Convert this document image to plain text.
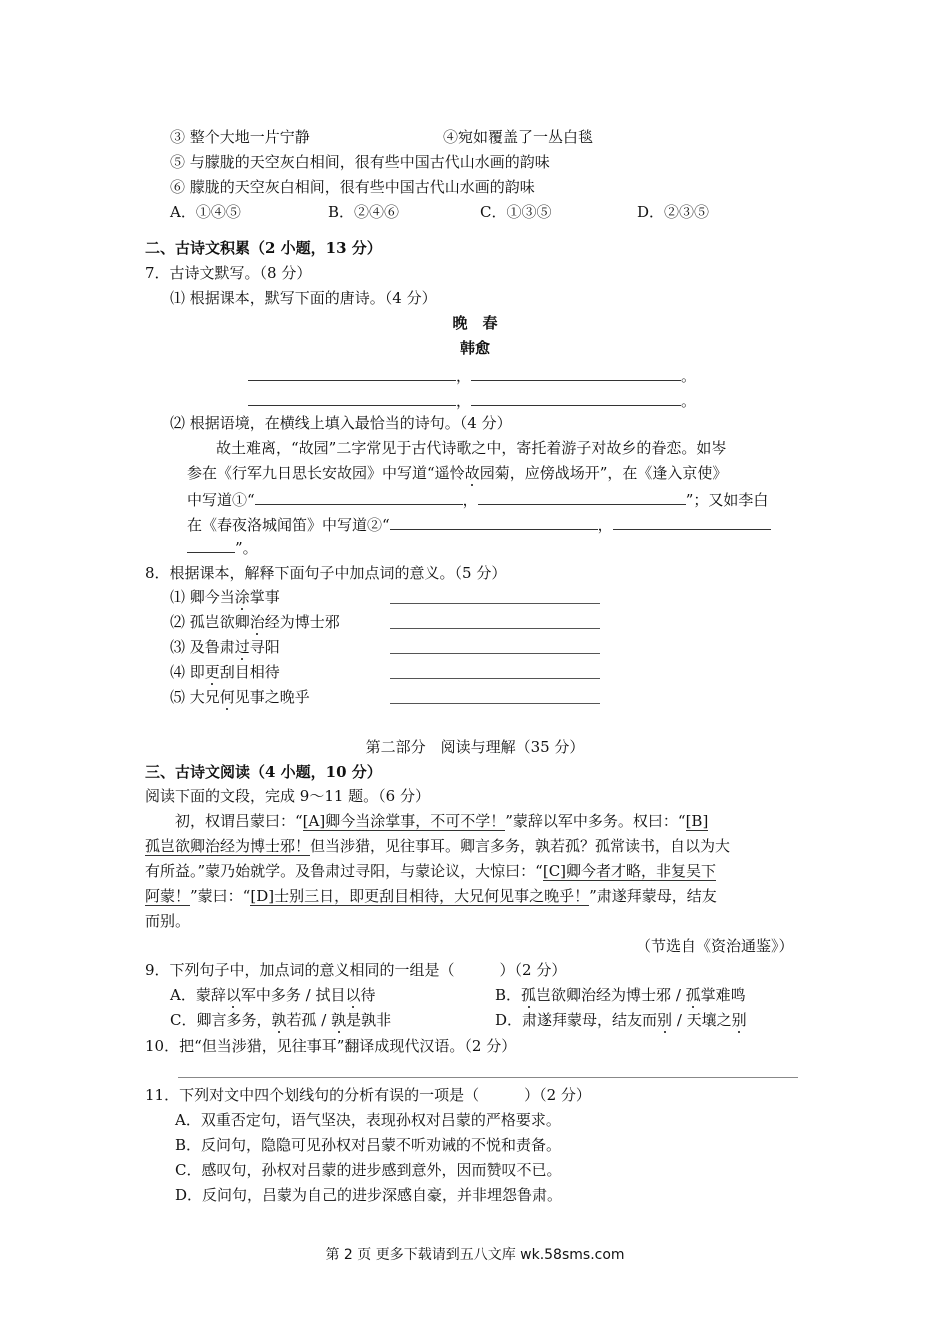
③ 整个大地一片宁静	④宛如覆盖了一丛白毯
⑤ 与朦胧的天空灰白相间，很有些中国古代山水画的韵味
⑥ 朦胧的天空灰白相间，很有些中国古代山水画的韵味
A．①④⑤	B．②④⑥	C．①③⑤	D．②③⑤
二、古诗文积累（2 小题，13 分）
7．古诗文默写。（8 分）
⑴ 根据课本，默写下面的唐诗。（4 分）
晚　春
韩愈
，	。
，	。
⑵ 根据语境，在横线上填入最恰当的诗句。（4 分）
故土难离，“故园”二字常见于古代诗歌之中，寄托着游子对故乡的眷恋。如岑
参在《行军九日思长安故园》中写道“遥怜故园菊，应傍战场开”，在《逢入京使》
中写道①“	，	”；又如李白
在《春夜洛城闻笛》中写道②“	，
”。
8．根据课本，解释下面句子中加点词的意义。（5 分）
⑴ 卿今当涂掌事
⑵ 孤岂欲卿治经为博士邪
⑶ 及鲁肃过寻阳
⑷ 即更刮目相待
⑸ 大兄何见事之晚乎
第二部分　阅读与理解（35 分）
三、古诗文阅读（4 小题，10 分）
阅读下面的文段，完成 9～11 题。（6 分）
初，权谓吕蒙曰：“[A]卿今当涂掌事，不可不学！”蒙辞以军中多务。权曰：“[B]
孤岂欲卿治经为博士邪！但当涉猎，见往事耳。卿言多务，孰若孤？孤常读书，自以为大
有所益。”蒙乃始就学。及鲁肃过寻阳，与蒙论议，大惊曰：“[C]卿今者才略，非复吴下
阿蒙！”蒙曰：“[D]士别三日，即更刮目相待，大兄何见事之晚乎！”肃遂拜蒙母，结友
而别。
（节选自《资治通鉴》）
9．下列句子中，加点词的意义相同的一组是（　　　）（2 分）
A．蒙辞以军中多务 / 拭目以待	B．孤岂欲卿治经为博士邪 / 孤掌难鸣
C．卿言多务，孰若孤 / 孰是孰非	D．肃遂拜蒙母，结友而别 / 天壤之别
10．把“但当涉猎，见往事耳”翻译成现代汉语。（2 分）
11．下列对文中四个划线句的分析有误的一项是（　　　）（2 分）
A．双重否定句，语气坚决，表现孙权对吕蒙的严格要求。
B．反问句，隐隐可见孙权对吕蒙不听劝诫的不悦和责备。
C．感叹句，孙权对吕蒙的进步感到意外，因而赞叹不已。
D．反问句，吕蒙为自己的进步深感自豪，并非埋怨鲁肃。
第 2 页 更多下载请到五八文库 wk.58sms.com
